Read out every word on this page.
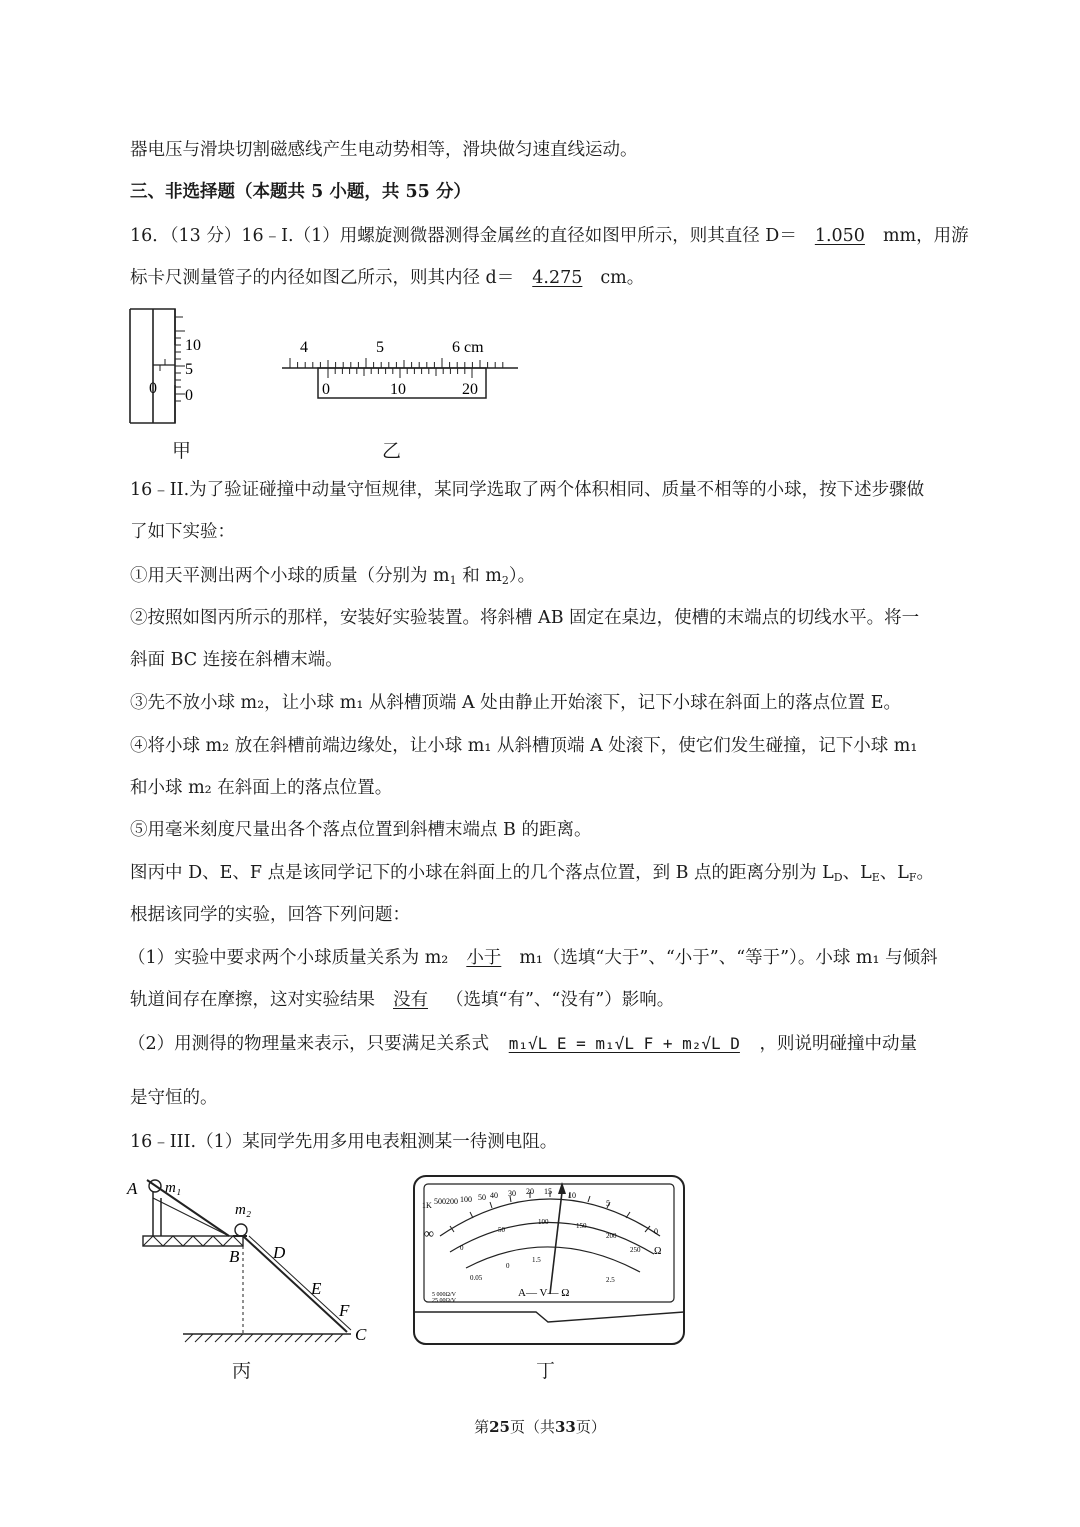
器电压与滑块切割磁感线产生电动势相等，滑块做匀速直线运动。
三、非选择题（本题共 5 小题，共 55 分）
16．（13 分）16﹣I.（1）用螺旋测微器测得金属丝的直径如图甲所示，则其直径 D＝ 1.050 mm，用游
标卡尺测量管子的内径如图乙所示，则其内径 d＝ 4.275 cm。
10
5
0
0
甲
4	5	6 cm
0	10	20
乙
16﹣II.为了验证碰撞中动量守恒规律，某同学选取了两个体积相同、质量不相等的小球，按下述步骤做
了如下实验：
①用天平测出两个小球的质量（分别为 $m_1$ 和 $m_2$）。
②按照如图丙所示的那样，安装好实验装置。将斜槽 AB 固定在桌边，使槽的末端点的切线水平。将一
斜面 BC 连接在斜槽末端。
③先不放小球 m₂，让小球 m₁ 从斜槽顶端 A 处由静止开始滚下，记下小球在斜面上的落点位置 E。
④将小球 m₂ 放在斜槽前端边缘处，让小球 m₁ 从斜槽顶端 A 处滚下，使它们发生碰撞，记下小球 m₁
和小球 m₂ 在斜面上的落点位置。
⑤用毫米刻度尺量出各个落点位置到斜槽末端点 B 的距离。
图丙中 D、E、F 点是该同学记下的小球在斜面上的几个落点位置，到 B 点的距离分别为 $L_D$、$L_E$、$L_F$。
根据该同学的实验，回答下列问题：
（1）实验中要求两个小球质量关系为 m₂ 小于 m₁（选填“大于”、“小于”、“等于”）。小球 m₁ 与倾斜
轨道间存在摩擦，这对实验结果 没有 （选填“有”、“没有”）影响。
（2）用测得的物理量来表示，只要满足关系式 m₁√L_E = m₁√L_F + m₂√L_D ，则说明碰撞中动量
是守恒的。
16﹣III.（1）某同学先用多用电表粗测某一待测电阻。
A m₁
m₂
B D
E
F
C
丙
1K 500 200 100 50 40 30 20 15 10
5
0
∞
Ω
0
50
100	150
200
250
0.05
0
1.5
2.5
A— V— Ω
5 000Ω/V
25 00Ω/V
丁
第25页（共33页）
